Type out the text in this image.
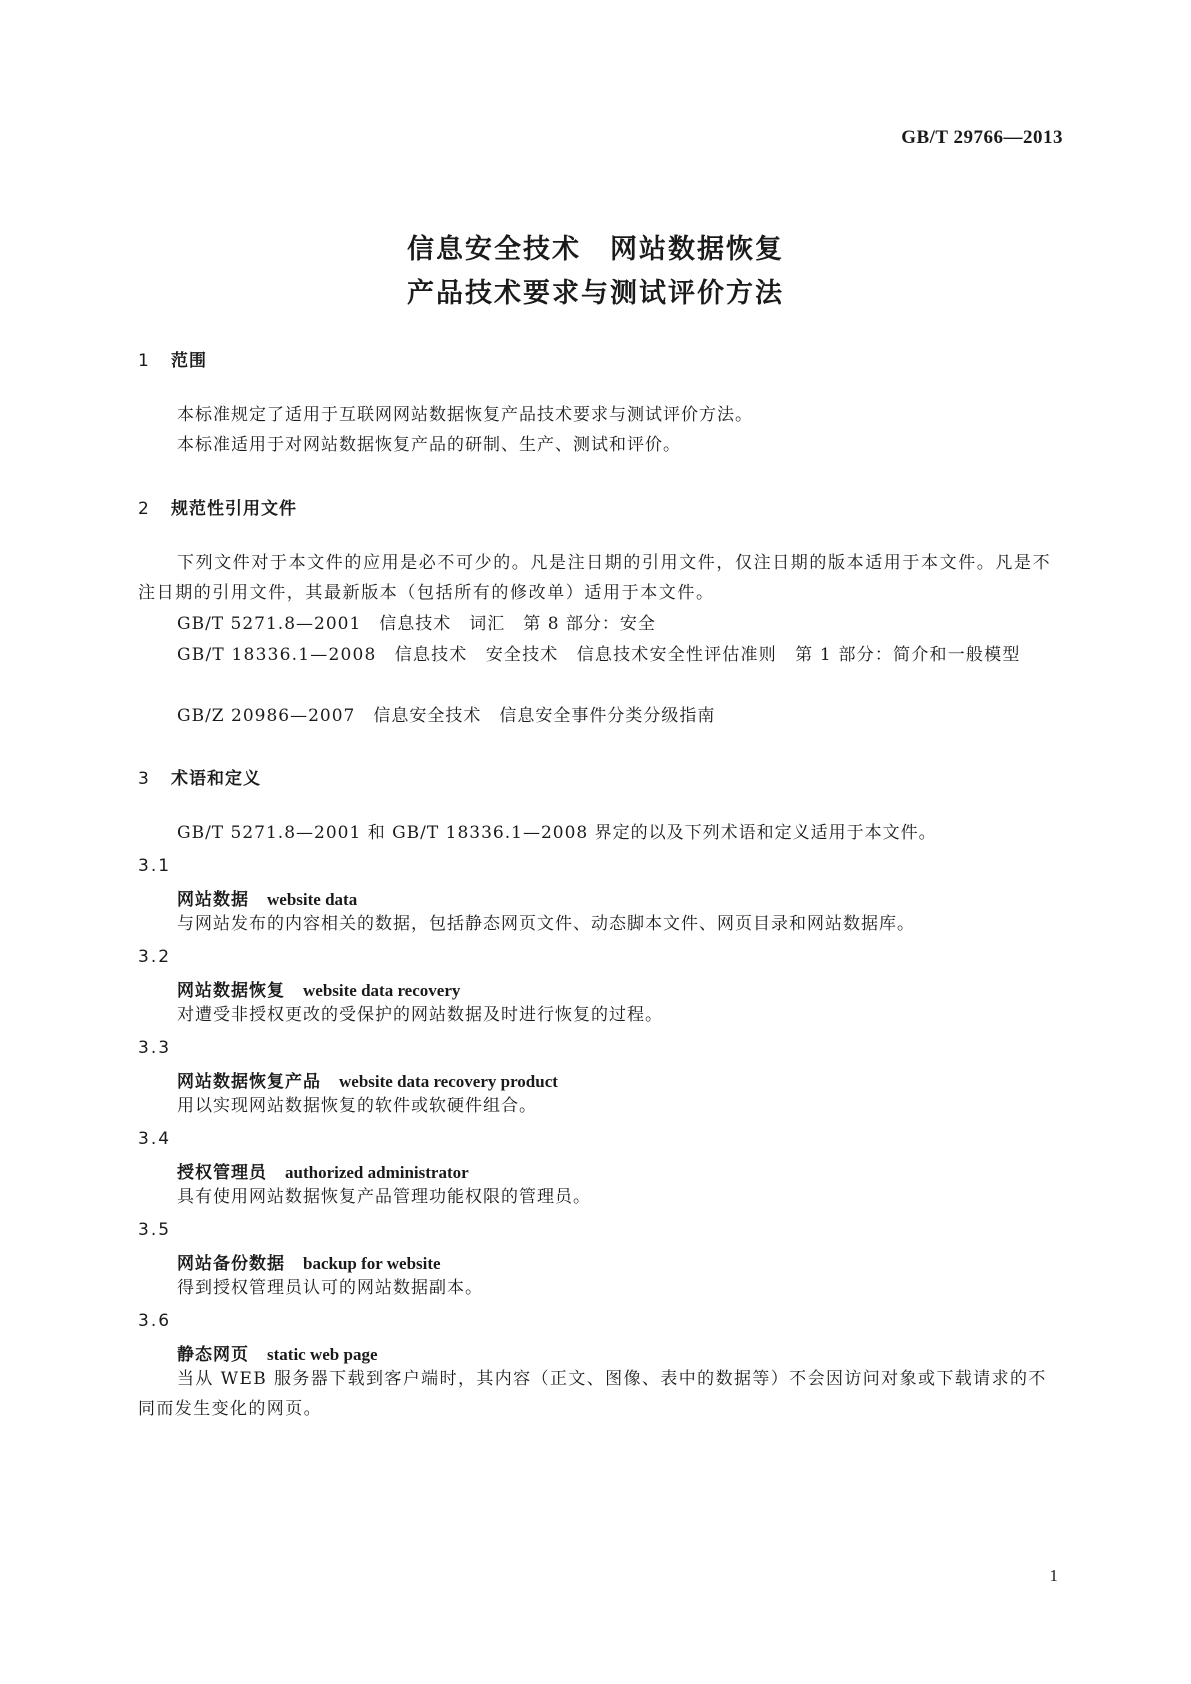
GB/T 29766—2013
信息安全技术　网站数据恢复
产品技术要求与测试评价方法
1 范围
本标准规定了适用于互联网网站数据恢复产品技术要求与测试评价方法。
本标准适用于对网站数据恢复产品的研制、生产、测试和评价。
2 规范性引用文件
下列文件对于本文件的应用是必不可少的。凡是注日期的引用文件，仅注日期的版本适用于本文件。凡是不注日期的引用文件，其最新版本（包括所有的修改单）适用于本文件。
GB/T 5271.8—2001　信息技术　词汇　第 8 部分：安全
GB/T 18336.1—2008　信息技术　安全技术　信息技术安全性评估准则　第 1 部分：简介和一般模型
GB/Z 20986—2007　信息安全技术　信息安全事件分类分级指南
3 术语和定义
GB/T 5271.8—2001 和 GB/T 18336.1—2008 界定的以及下列术语和定义适用于本文件。
3.1
网站数据　 website data
与网站发布的内容相关的数据，包括静态网页文件、动态脚本文件、网页目录和网站数据库。
3.2
网站数据恢复　 website data recovery
对遭受非授权更改的受保护的网站数据及时进行恢复的过程。
3.3
网站数据恢复产品　 website data recovery product
用以实现网站数据恢复的软件或软硬件组合。
3.4
授权管理员　 authorized administrator
具有使用网站数据恢复产品管理功能权限的管理员。
3.5
网站备份数据　 backup for website
得到授权管理员认可的网站数据副本。
3.6
静态网页　 static web page
当从 WEB 服务器下载到客户端时，其内容（正文、图像、表中的数据等）不会因访问对象或下载请求的不同而发生变化的网页。
1
